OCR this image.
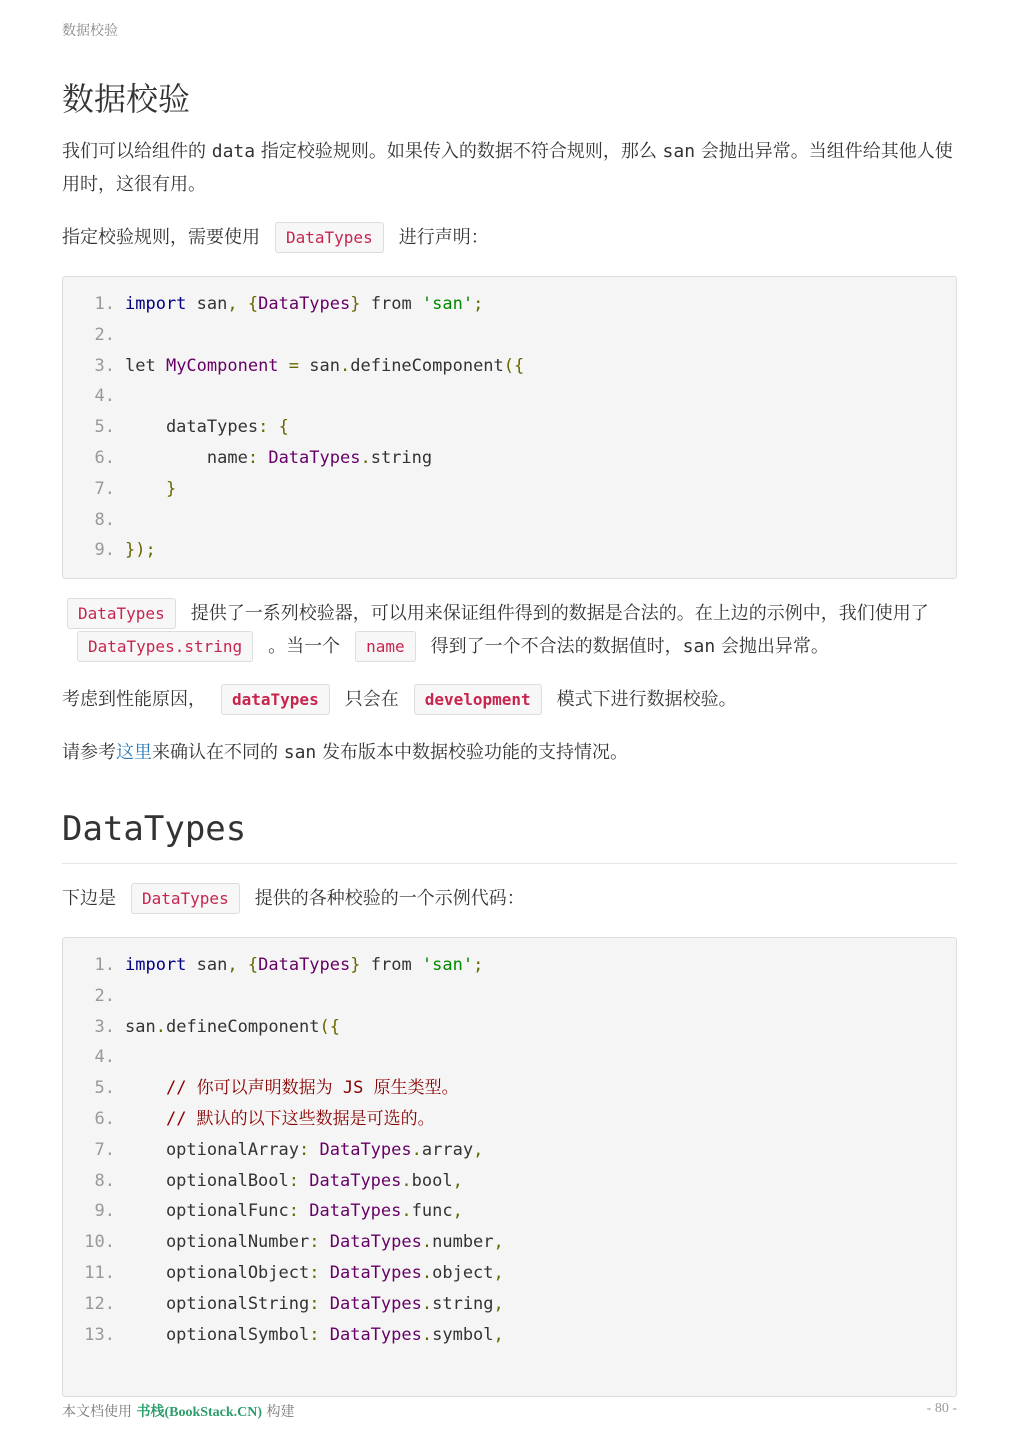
数据校验
数据校验

我们可以给组件的 data 指定校验规则。如果传入的数据不符合规则，那么 san 会抛出异常。当组件给其他人使用时，这很有用。

指定校验规则，需要使用 DataTypes 进行声明：

1. import san, {DataTypes} from 'san';
2.
3. let MyComponent = san.defineComponent({
4.
5.    dataTypes: {
6.        name: DataTypes.string
7.	}
8.
9. });

DataTypes 提供了一系列校验器，可以用来保证组件得到的数据是合法的。在上边的示例中，我们使用了DataTypes.string 。当一个 name 得到了一个不合法的数据值时，san 会抛出异常。

考虑到性能原因， dataTypes 只会在 development 模式下进行数据校验。

请参考这里来确认在不同的 san 发布版本中数据校验功能的支持情况。

DataTypes

下边是 DataTypes 提供的各种校验的一个示例代码：

1. import san, {DataTypes} from 'san';
2.
3. san.defineComponent({
4.
5.	// 你可以声明数据为 JS 原生类型。
6.	// 默认的以下这些数据是可选的。
7.    optionalArray: DataTypes.array,
8.    optionalBool: DataTypes.bool,
9.    optionalFunc: DataTypes.func,
10.    optionalNumber: DataTypes.number,
11.    optionalObject: DataTypes.object,
12.    optionalString: DataTypes.string,
13.    optionalSymbol: DataTypes.symbol,
本文档使用 书栈(BookStack.CN) 构建	- 80 -
